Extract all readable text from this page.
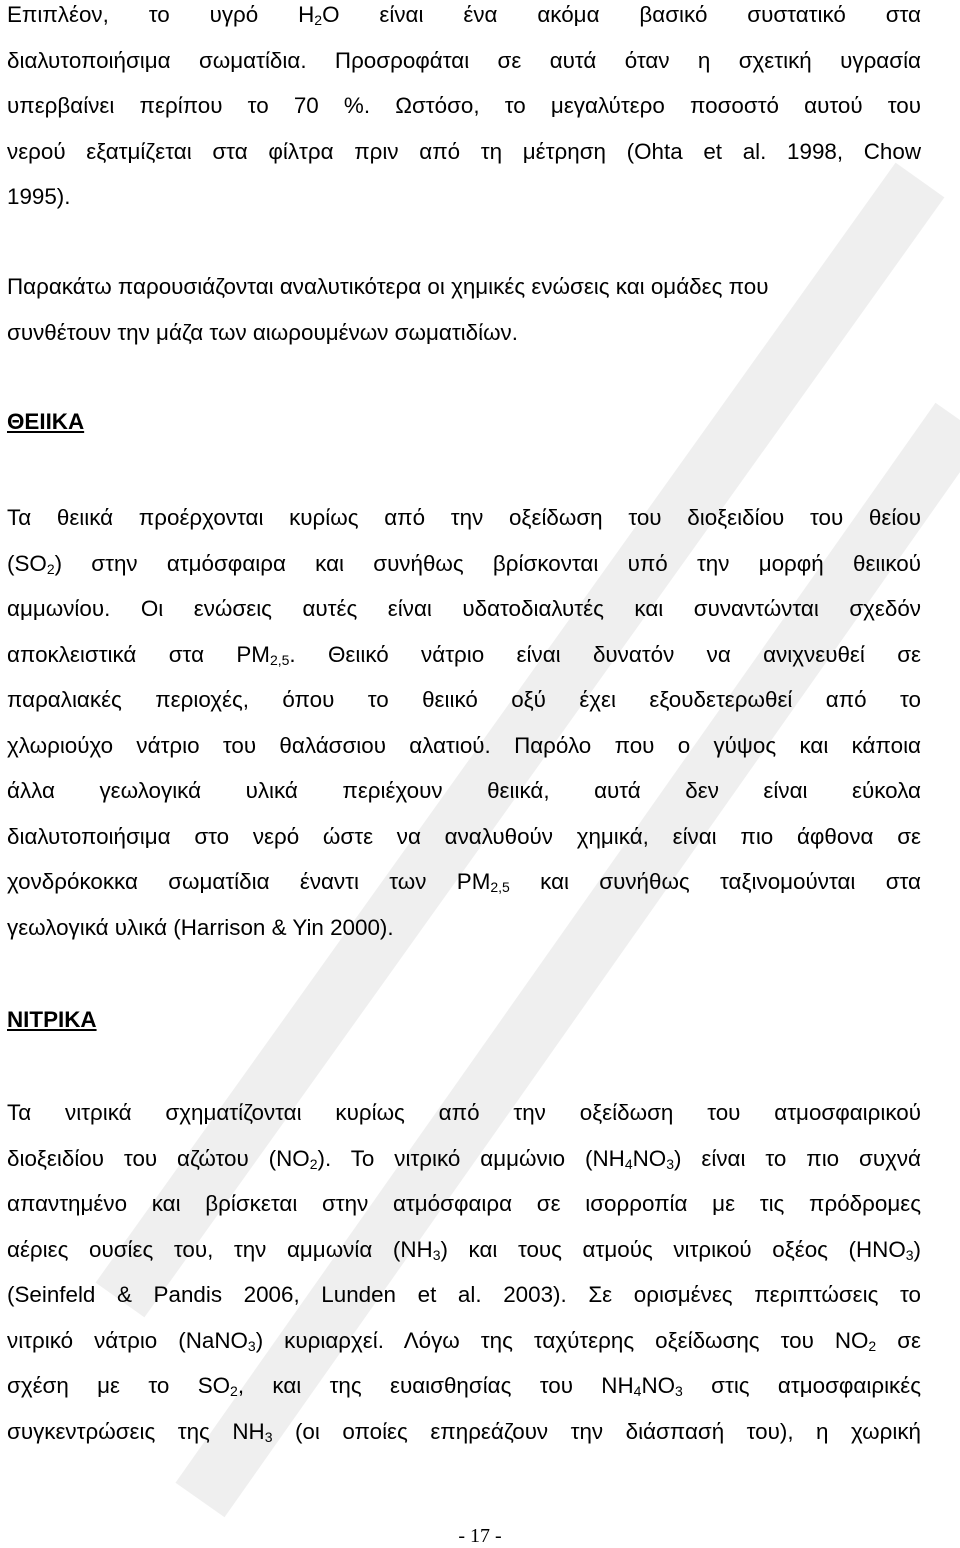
Επιπλέον, το υγρό $H_2O$ είναι ένα ακόμα βασικό συστατικό στα
διαλυτοποιήσιμα σωματίδια. Προσροφάται σε αυτά όταν η σχετική υγρασία
υπερβαίνει περίπου το 70 %. Ωστόσο, το μεγαλύτερο ποσοστό αυτού του
νερού εξατμίζεται στα φίλτρα πριν από τη μέτρηση (Ohta et al. 1998, Chow
1995).
Παρακάτω παρουσιάζονται αναλυτικότερα οι χημικές ενώσεις και ομάδες που
συνθέτουν την μάζα των αιωρουμένων σωματιδίων.
ΘΕΙΙΚΑ
Τα θειικά προέρχονται κυρίως από την οξείδωση του διοξειδίου του θείου
$(SO_2)$ στην ατμόσφαιρα και συνήθως βρίσκονται υπό την μορφή θειικού
αμμωνίου. Οι ενώσεις αυτές είναι υδατοδιαλυτές και συναντώνται σχεδόν
αποκλειστικά στα $PM_{2,5}$. Θειικό νάτριο είναι δυνατόν να ανιχνευθεί σε
παραλιακές περιοχές, όπου το θειικό οξύ έχει εξουδετερωθεί από το
χλωριούχο νάτριο του θαλάσσιου αλατιού. Παρόλο που ο γύψος και κάποια
άλλα γεωλογικά υλικά περιέχουν θειικά, αυτά δεν είναι εύκολα
διαλυτοποιήσιμα στο νερό ώστε να αναλυθούν χημικά, είναι πιο άφθονα σε
χονδρόκοκκα σωματίδια έναντι των $PM_{2,5}$ και συνήθως ταξινομούνται στα
γεωλογικά υλικά (Harrison & Yin 2000).
ΝΙΤΡΙΚΑ
Τα νιτρικά σχηματίζονται κυρίως από την οξείδωση του ατμοσφαιρικού
διοξειδίου του αζώτου $(NO_2)$. Το νιτρικό αμμώνιο $(NH_4NO_3)$ είναι το πιο συχνά
απαντημένο και βρίσκεται στην ατμόσφαιρα σε ισορροπία με τις πρόδρομες
αέριες ουσίες του, την αμμωνία $(NH_3)$ και τους ατμούς νιτρικού οξέος $(HNO_3)$
(Seinfeld & Pandis 2006, Lunden et al. 2003). Σε ορισμένες περιπτώσεις το
νιτρικό νάτριο (NaNO$_3$) κυριαρχεί. Λόγω της ταχύτερης οξείδωσης του $NO_2$ σε
σχέση με το $SO_2$, και της ευαισθησίας του $NH_4NO_3$ στις ατμοσφαιρικές
συγκεντρώσεις της $NH_3$ (οι οποίες επηρεάζουν την διάσπασή του), η χωρική
- 17 -
